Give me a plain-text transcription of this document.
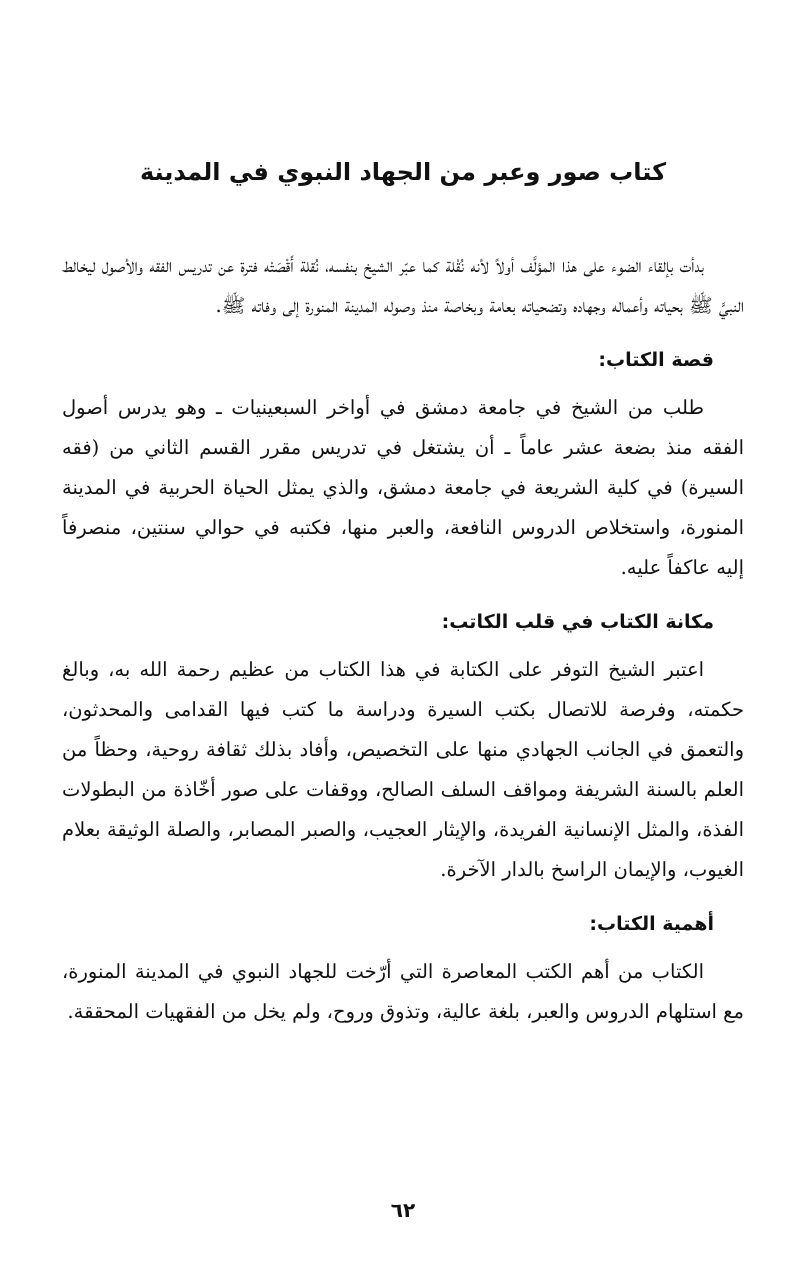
كتاب صور وعبر من الجهاد النبوي في المدينة

بدأت بإلقاء الضوء على هذا المؤلَّف أولاً لأنه نُقْلة كما عبّر الشيخ بنفسه، نُقلة أَقْصَتْه فترة عن تدريس الفقه والأصول ليخالط النبيَّ ﷺ بحياته وأعماله وجهاده وتضحياته بعامة وبخاصة منذ وصوله المدينة المنورة إلى وفاته ﷺ.

قصة الكتاب:

طلب من الشيخ في جامعة دمشق في أواخر السبعينيات ـ وهو يدرس أصول الفقه منذ بضعة عشر عاماً ـ أن يشتغل في تدريس مقرر القسم الثاني من (فقه السيرة) في كلية الشريعة في جامعة دمشق، والذي يمثل الحياة الحربية في المدينة المنورة، واستخلاص الدروس النافعة، والعبر منها، فكتبه في حوالي سنتين، منصرفاً إليه عاكفاً عليه.

مكانة الكتاب في قلب الكاتب:

اعتبر الشيخ التوفر على الكتابة في هذا الكتاب من عظيم رحمة الله به، وبالغ حكمته، وفرصة للاتصال بكتب السيرة ودراسة ما كتب فيها القدامى والمحدثون، والتعمق في الجانب الجهادي منها على التخصيص، وأفاد بذلك ثقافة روحية، وحظاً من العلم بالسنة الشريفة ومواقف السلف الصالح، ووقفات على صور أخّاذة من البطولات الفذة، والمثل الإنسانية الفريدة، والإيثار العجيب، والصبر المصابر، والصلة الوثيقة بعلام الغيوب، والإيمان الراسخ بالدار الآخرة.

أهمية الكتاب:

الكتاب من أهم الكتب المعاصرة التي أرّخت للجهاد النبوي في المدينة المنورة، مع استلهام الدروس والعبر، بلغة عالية، وتذوق وروح، ولم يخل من الفقهيات المحققة.

٦٢
